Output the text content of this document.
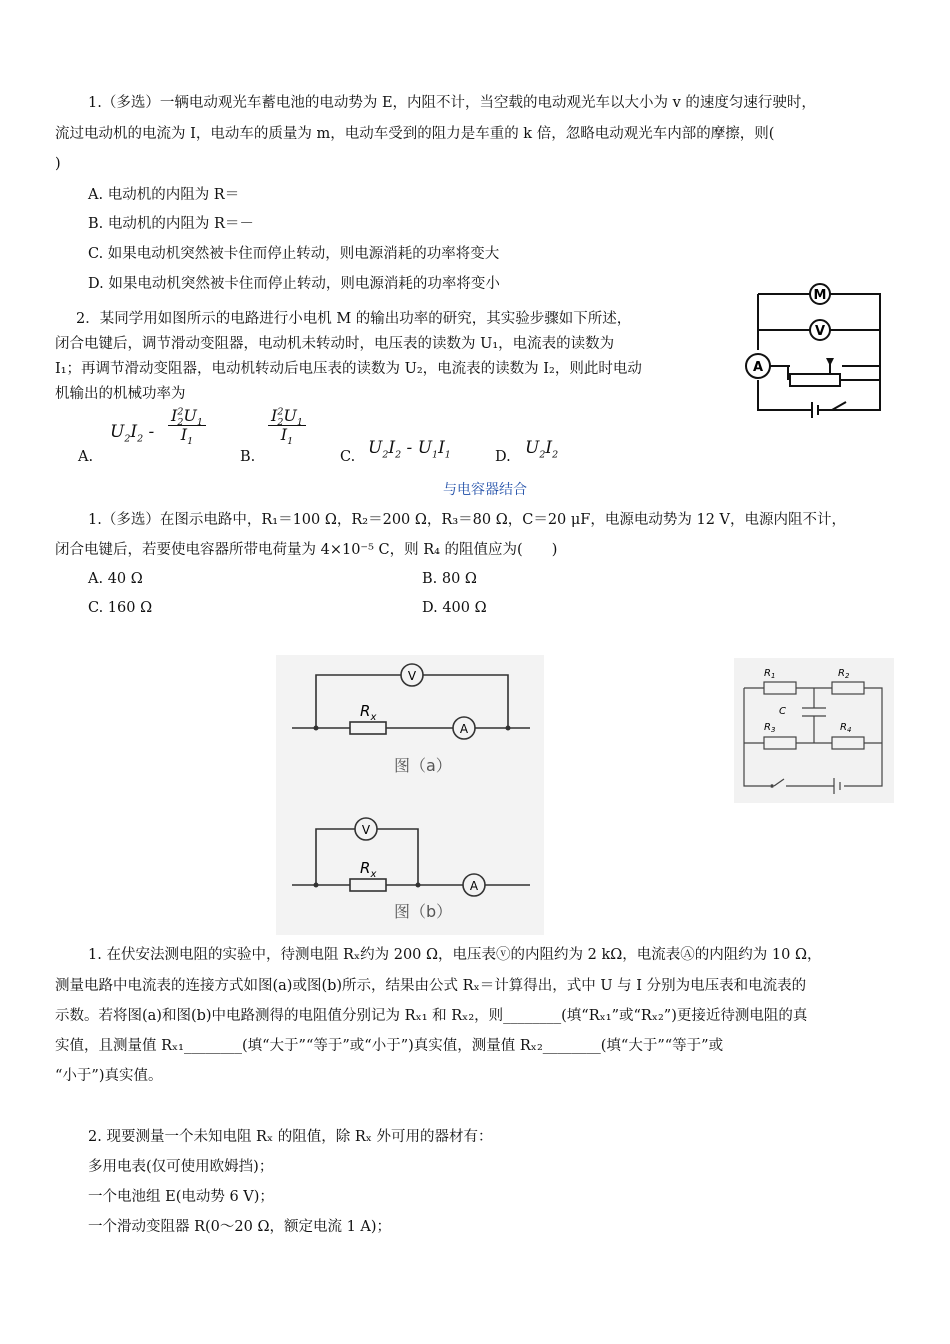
1.（多选）一辆电动观光车蓄电池的电动势为 E，内阻不计，当空载的电动观光车以大小为 v 的速度匀速行驶时，
流过电动机的电流为 I，电动车的质量为 m，电动车受到的阻力是车重的 k 倍，忽略电动观光车内部的摩擦，则(
)
A. 电动机的内阻为 R＝
B. 电动机的内阻为 R＝－
C. 如果电动机突然被卡住而停止转动，则电源消耗的功率将变大
D. 如果电动机突然被卡住而停止转动，则电源消耗的功率将变小
2．某同学用如图所示的电路进行小电机 M 的输出功率的研究，其实验步骤如下所述，
闭合电键后，调节滑动变阻器，电动机未转动时，电压表的读数为 U₁，电流表的读数为
I₁；再调节滑动变阻器，电动机转动后电压表的读数为 U₂，电流表的读数为 I₂，则此时电动
机输出的机械功率为
A.
$U_2I_2 - \frac{I^2_2U_1}{I_1}$
B.
$\frac{I^2_2U_1}{I_1}$
C. $U_2I_2 - U_1I_1$	D. $U_2I_2$
M
V
A
与电容器结合
1.（多选）在图示电路中，R₁＝100 Ω，R₂＝200 Ω，R₃＝80 Ω，C＝20 μF，电源电动势为 12 V，电源内阻不计，
闭合电键后，若要使电容器所带电荷量为 4×10⁻⁵ C，则 R₄ 的阻值应为(　　)
A. 40 Ω	B. 80 Ω
C. 160 Ω	D. 400 Ω
V
A
$R_x$
图（a）
V
A
$R_x$
图（b）
$R_1$	$R_2$
$R_3$	$R_4$
C
1. 在伏安法测电阻的实验中，待测电阻 Rₓ约为 200 Ω，电压表ⓥ的内阻约为 2 kΩ，电流表Ⓐ的内阻约为 10 Ω，
测量电路中电流表的连接方式如图(a)或图(b)所示，结果由公式 Rₓ＝计算得出，式中 U 与 I 分别为电压表和电流表的
示数。若将图(a)和图(b)中电路测得的电阻值分别记为 Rₓ₁ 和 Rₓ₂，则________(填“Rₓ₁”或“Rₓ₂”)更接近待测电阻的真
实值，且测量值 Rₓ₁________(填“大于”“等于”或“小于”)真实值，测量值 Rₓ₂________(填“大于”“等于”或
“小于”)真实值。
2. 现要测量一个未知电阻 Rₓ 的阻值，除 Rₓ 外可用的器材有：
多用电表(仅可使用欧姆挡)；
一个电池组 E(电动势 6 V)；
一个滑动变阻器 R(0～20 Ω，额定电流 1 A)；
